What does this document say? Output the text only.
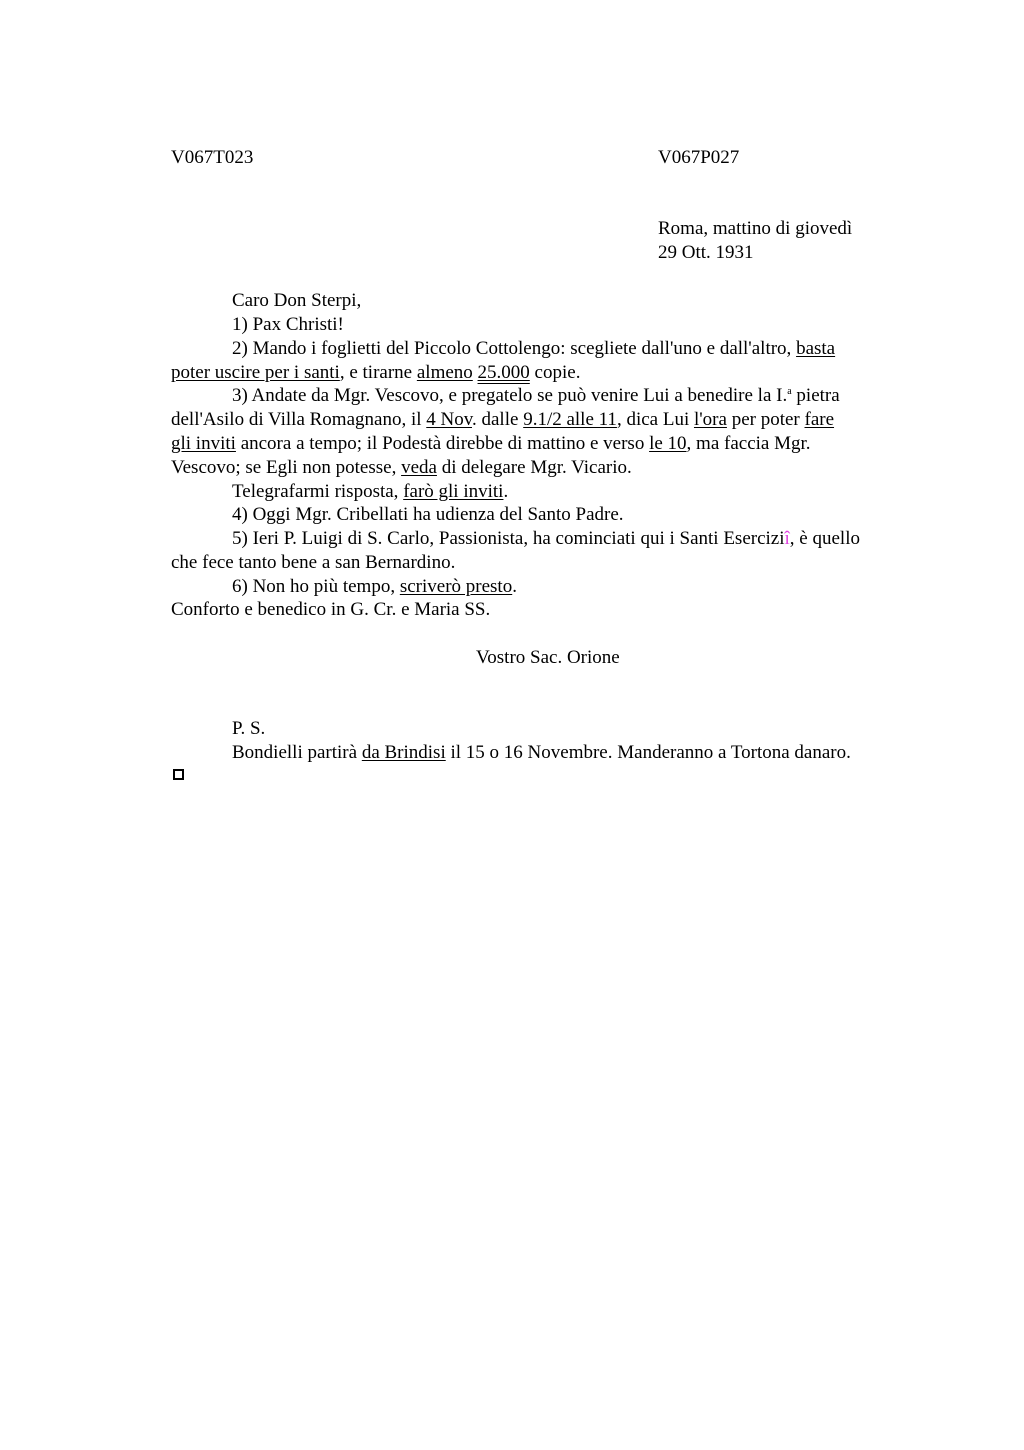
V067T023	V067P027
Roma, mattino di giovedì
29 Ott. 1931
Caro Don Sterpi,
1) Pax Christi!
2) Mando i foglietti del Piccolo Cottolengo: scegliete dall'uno e dall'altro, basta
poter uscire per i santi, e tirarne almeno 25.000 copie.
3) Andate da Mgr. Vescovo, e pregatelo se può venire Lui a benedire la I.$^a$ pietra
dell'Asilo di Villa Romagnano, il 4 Nov. dalle 9.1/2 alle 11, dica Lui l'ora per poter fare
gli inviti ancora a tempo; il Podestà direbbe di mattino e verso le 10, ma faccia Mgr.
Vescovo; se Egli non potesse, veda di delegare Mgr. Vicario.
Telegrafarmi risposta, farò gli inviti.
4) Oggi Mgr. Cribellati ha udienza del Santo Padre.
5) Ieri P. Luigi di S. Carlo, Passionista, ha cominciati qui i Santi Eserciziî, è quello
che fece tanto bene a san Bernardino.
6) Non ho più tempo, scriverò presto.
Conforto e benedico in G. Cr. e Maria SS.
Vostro Sac. Orione
P. S.
Bondielli partirà da Brindisi il 15 o 16 Novembre. Manderanno a Tortona danaro.
